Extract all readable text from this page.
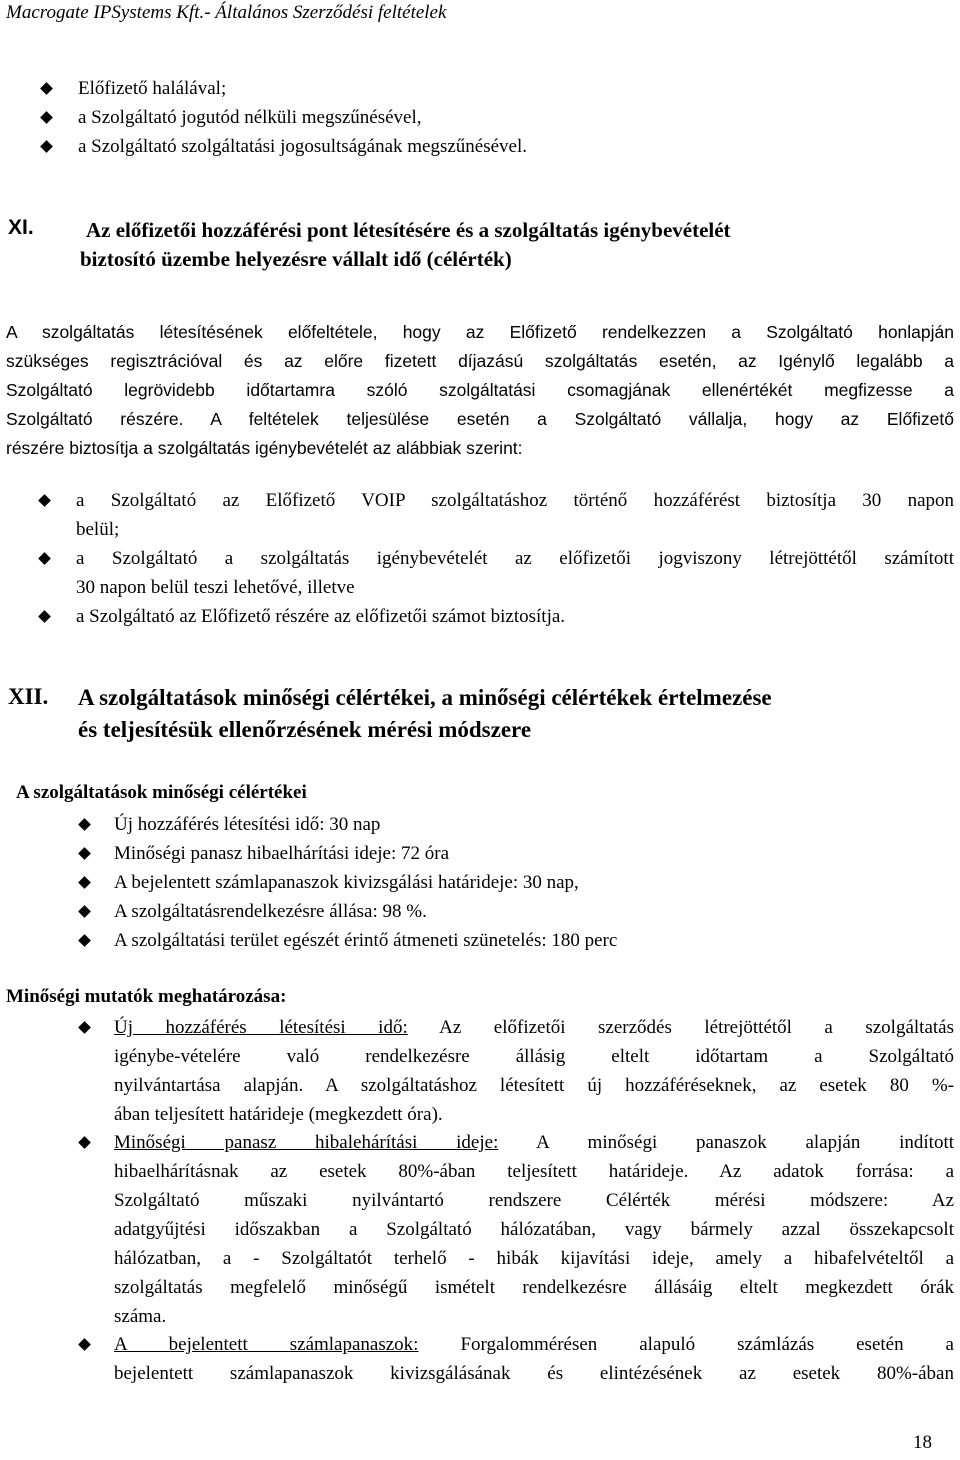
Macrogate IPSystems Kft.- Általános Szerződési feltételek
Előfizető halálával;
a Szolgáltató jogutód nélküli megszűnésével,
a Szolgáltató szolgáltatási jogosultságának megszűnésével.
XI. Az előfizetői hozzáférési pont létesítésére és a szolgáltatás igénybevételét
biztosító üzembe helyezésre vállalt idő (célérték)
A szolgáltatás létesítésének előfeltétele, hogy az Előfizető rendelkezzen a Szolgáltató honlapján
szükséges regisztrációval és az előre fizetett díjazású szolgáltatás esetén, az Igénylő legalább a
Szolgáltató legrövidebb időtartamra szóló szolgáltatási csomagjának ellenértékét megfizesse a
Szolgáltató részére. A feltételek teljesülése esetén a Szolgáltató vállalja, hogy az Előfizető
részére biztosítja a szolgáltatás igénybevételét az alábbiak szerint:
a Szolgáltató az Előfizető VOIP szolgáltatáshoz történő hozzáférést biztosítja 30 napon
belül;
a Szolgáltató a szolgáltatás igénybevételét az előfizetői jogviszony létrejöttétől számított
30 napon belül teszi lehetővé, illetve
a Szolgáltató az Előfizető részére az előfizetői számot biztosítja.
XII. A szolgáltatások minőségi célértékei, a minőségi célértékek értelmezése
és teljesítésük ellenőrzésének mérési módszere
A szolgáltatások minőségi célértékei
Új hozzáférés létesítési idő: 30 nap
Minőségi panasz hibaelhárítási ideje: 72 óra
A bejelentett számlapanaszok kivizsgálási határideje: 30 nap,
A szolgáltatásrendelkezésre állása: 98 %.
A szolgáltatási terület egészét érintő átmeneti szünetelés: 180 perc
Minőségi mutatók meghatározása:
Új hozzáférés létesítési idő: Az előfizetői szerződés létrejöttétől a szolgáltatás
igénybe-vételére való rendelkezésre állásig eltelt időtartam a Szolgáltató
nyilvántartása alapján. A szolgáltatáshoz létesített új hozzáféréseknek, az esetek 80 %-
ában teljesített határideje (megkezdett óra).
Minőségi panasz hibalehárítási ideje: A minőségi panaszok alapján indított
hibaelhárításnak az esetek 80%-ában teljesített határideje. Az adatok forrása: a
Szolgáltató műszaki nyilvántartó rendszere Célérték mérési módszere: Az
adatgyűjtési időszakban a Szolgáltató hálózatában, vagy bármely azzal összekapcsolt
hálózatban, a - Szolgáltatót terhelő - hibák kijavítási ideje, amely a hibafelvételtől a
szolgáltatás megfelelő minőségű ismételt rendelkezésre állásáig eltelt megkezdett órák
száma.
A bejelentett számlapanaszok: Forgalommérésen alapuló számlázás esetén a
bejelentett számlapanaszok kivizsgálásának és elintézésének az esetek 80%-ában
18
